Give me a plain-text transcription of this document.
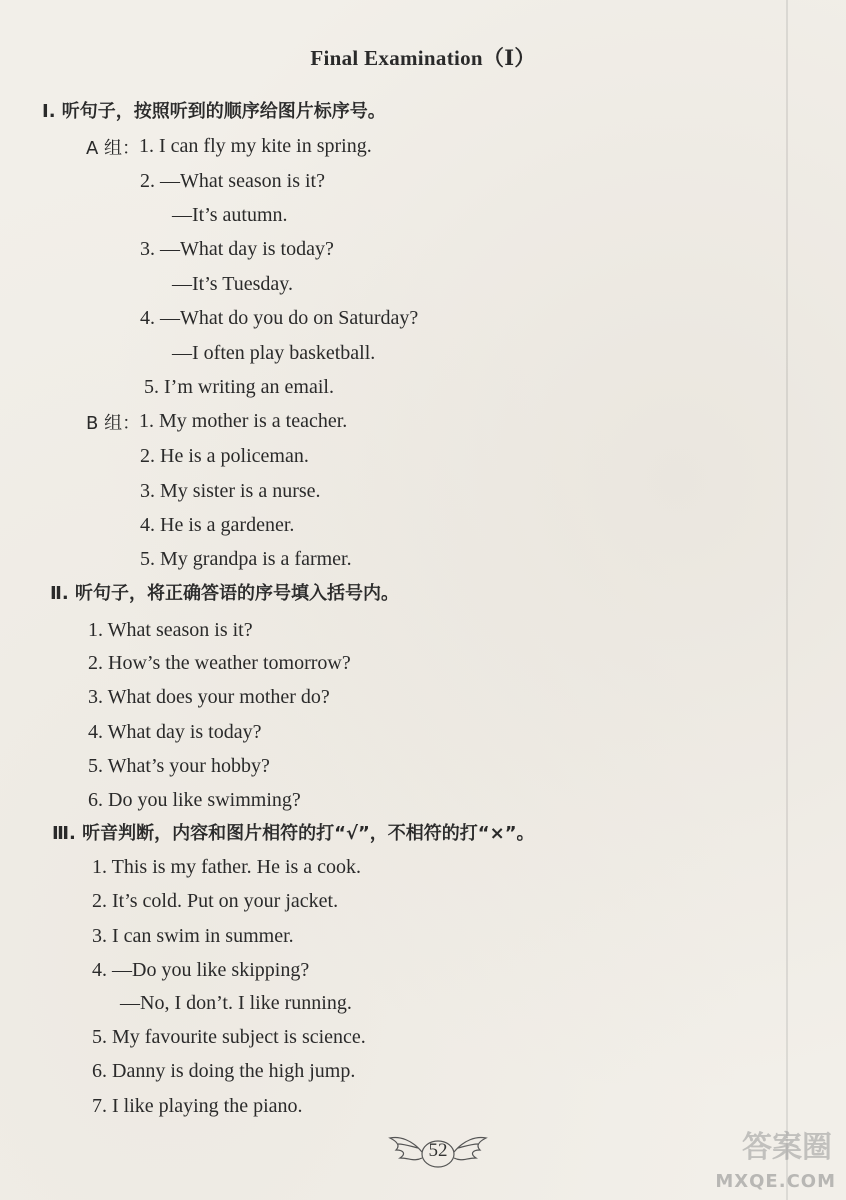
Final Examination（Ⅰ）
Ⅰ. 听句子，按照听到的顺序给图片标序号。
A 组：
1. I can fly my kite in spring.
2. —What season is it?
—It’s autumn.
3. —What day is today?
—It’s Tuesday.
4. —What do you do on Saturday?
—I often play basketball.
5. I’m writing an email.
B 组：
1. My mother is a teacher.
2. He is a policeman.
3. My sister is a nurse.
4. He is a gardener.
5. My grandpa is a farmer.
Ⅱ. 听句子，将正确答语的序号填入括号内。
1. What season is it?
2. How’s the weather tomorrow?
3. What does your mother do?
4. What day is today?
5. What’s your hobby?
6. Do you like swimming?
Ⅲ. 听音判断，内容和图片相符的打“√”，不相符的打“×”。
1. This is my father. He is a cook.
2. It’s cold. Put on your jacket.
3. I can swim in summer.
4. —Do you like skipping?
—No, I don’t. I like running.
5. My favourite subject is science.
6. Danny is doing the high jump.
7. I like playing the piano.
52	答案圈
MXQE.COM
